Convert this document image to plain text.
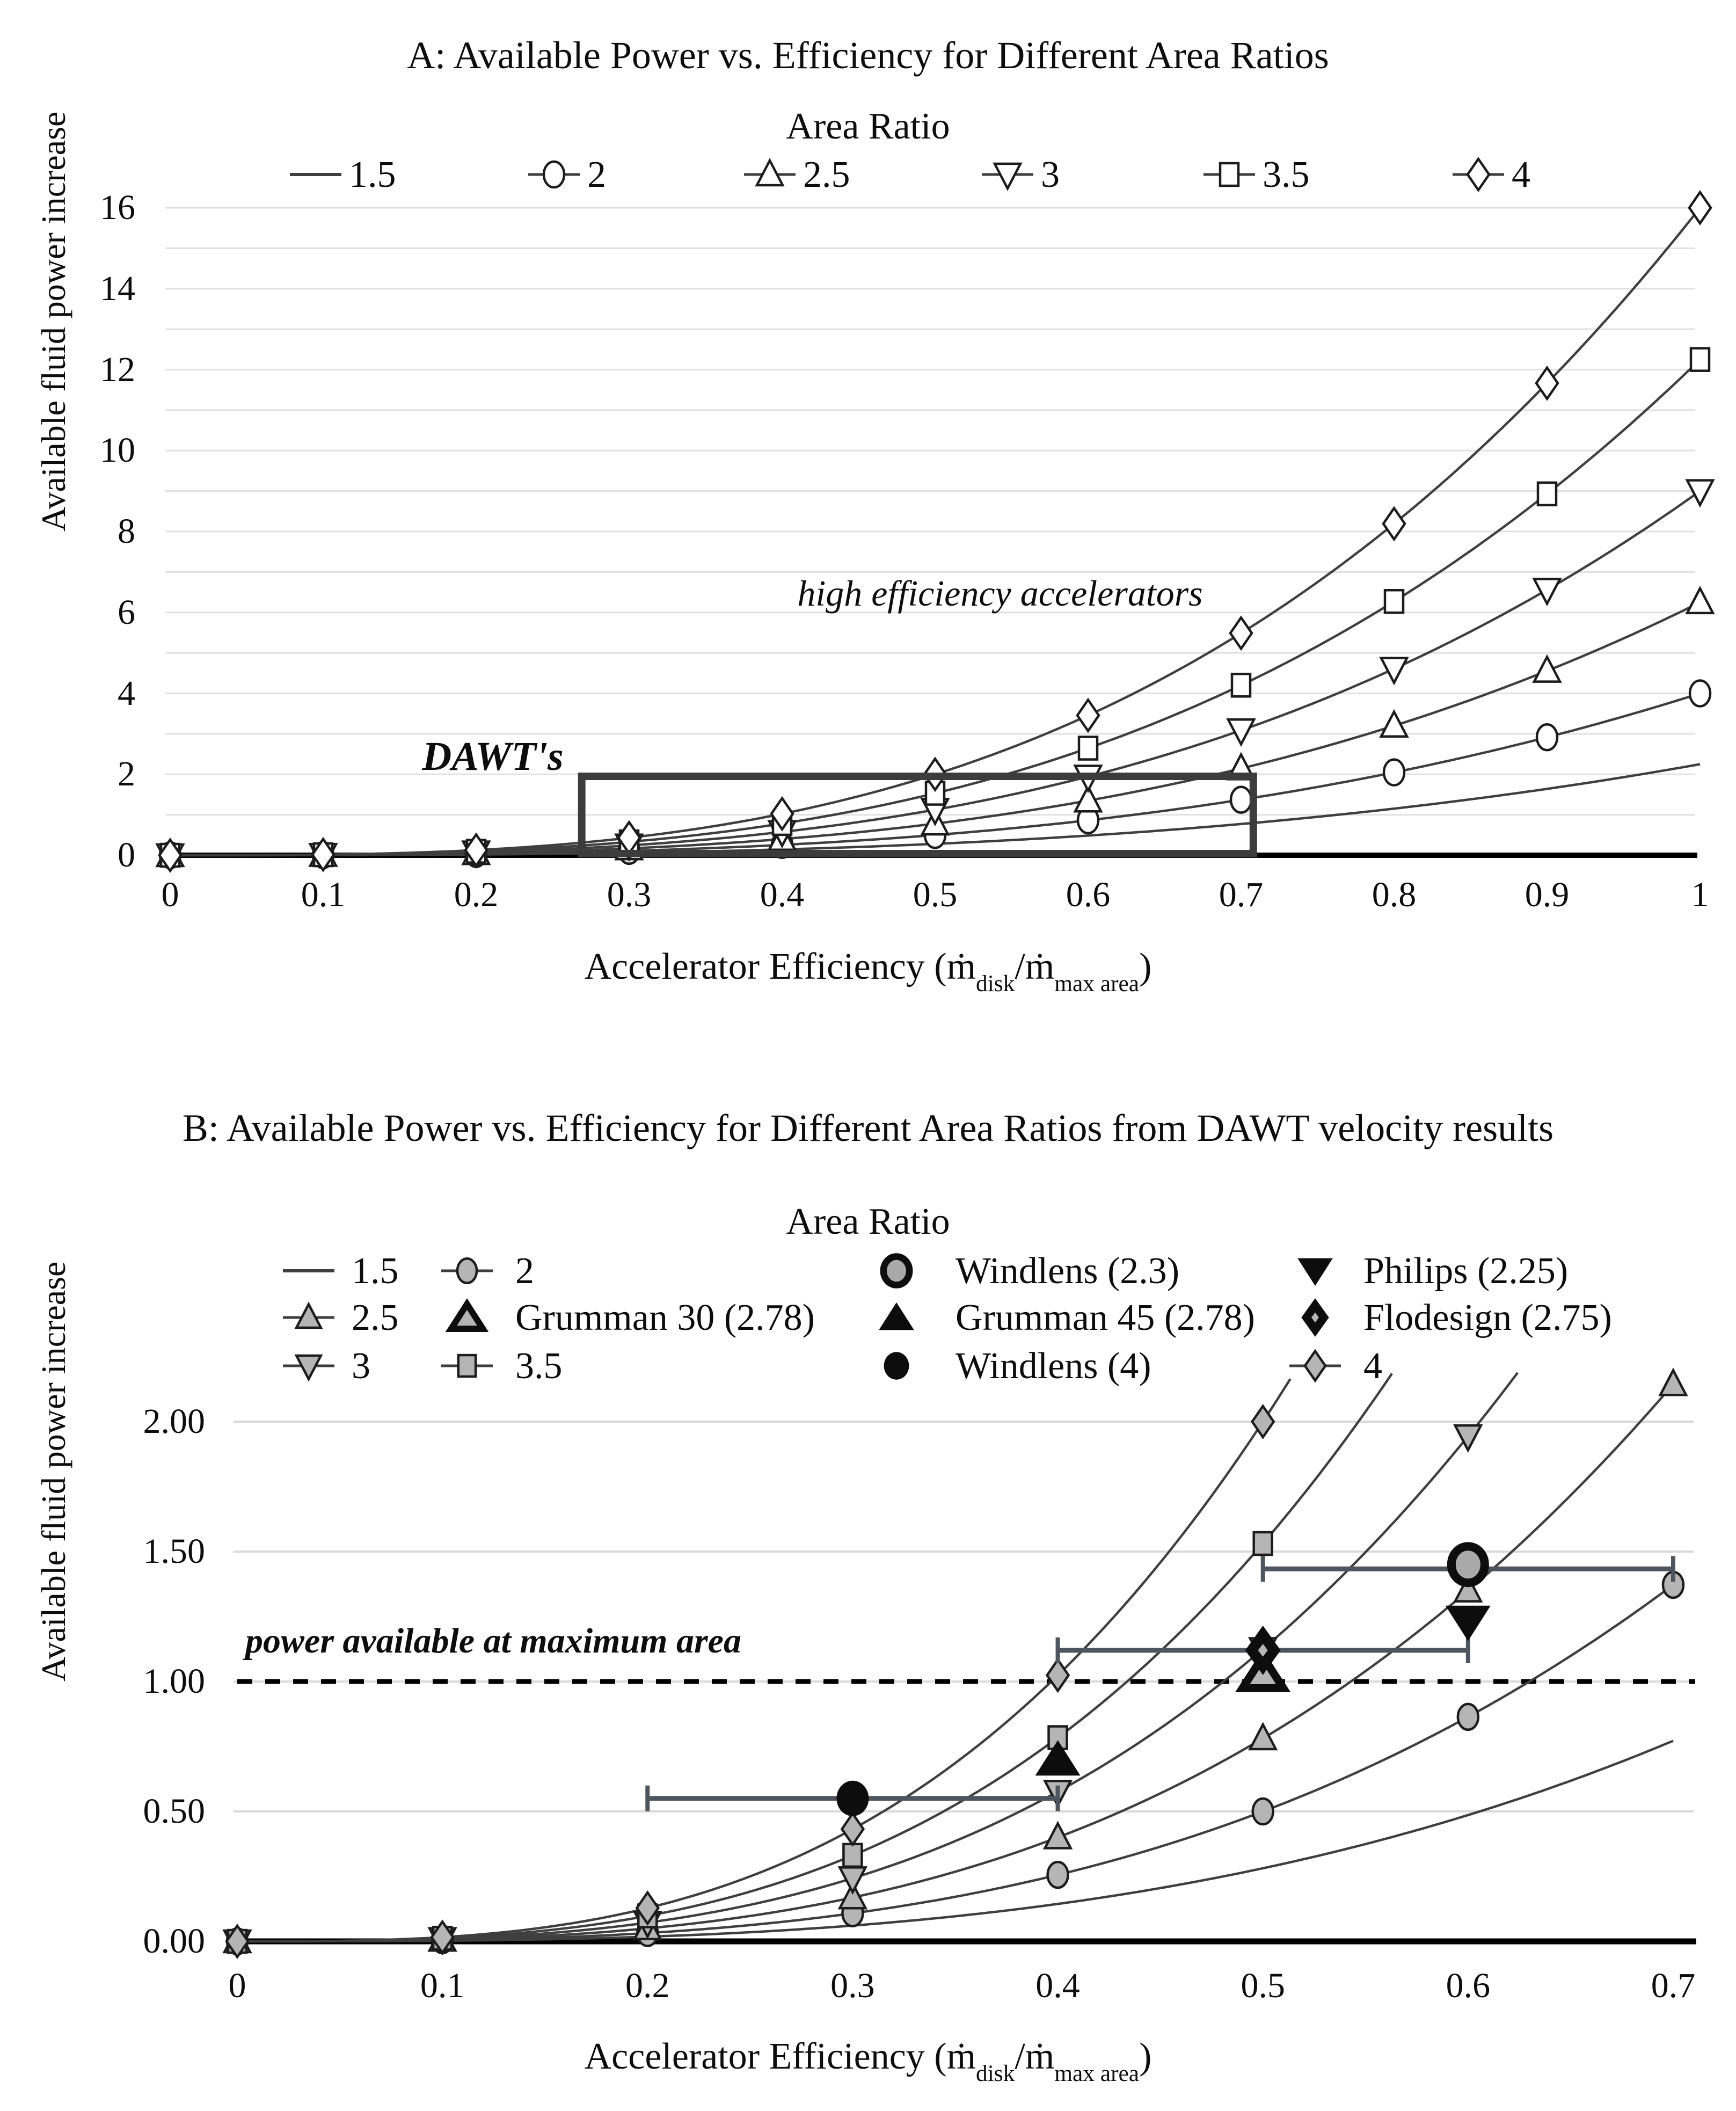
A: Available Power vs. Efficiency for Different Area Ratios
Area Ratio
1.5	2	2.5	3	3.5	4
Available fluid power increase
DAWT's
high efficiency accelerators
0	0.1	0.2	0.3	0.4	0.5	0.6	0.7	0.8	0.9	1
0
2
4
6
8
10
12
14
16
Accelerator Efficiency (ṁ$_{disk}$/ṁ$_{max area}$)
B: Available Power vs. Efficiency for Different Area Ratios from DAWT velocity results
Area Ratio
1.5	2	Windlens (2.3)	Philips (2.25)
2.5	Grumman 30 (2.78)	Grumman 45 (2.78)	Flodesign (2.75)
3	3.5	Windlens (4)	4
Available fluid power increase	power available at maximum area
0	0.1	0.2	0.3	0.4	0.5	0.6	0.7
0.00
0.50
1.00
1.50
2.00
Accelerator Efficiency (ṁ$_{disk}$/ṁ$_{max area}$)
